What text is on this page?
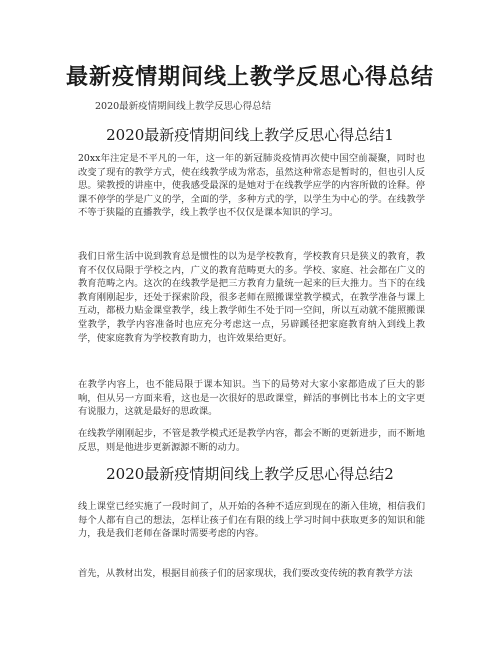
最新疫情期间线上教学反思心得总结

2020最新疫情期间线上教学反思心得总结

2020最新疫情期间线上教学反思心得总结1

20xx年注定是不平凡的一年，这一年的新冠肺炎疫情再次使中国空前凝聚，同时也改变了现有的教学方式，使在线教学成为常态，虽然这种常态是暂时的，但也引人反思。梁教授的讲座中，使我感受最深的是她对于在线教学应学的内容所做的诠释。停课不停学的学是广义的学，全面的学，多种方式的学，以学生为中心的学。在线教学不等于狭隘的直播教学，线上教学也不仅仅是课本知识的学习。

我们日常生活中说到教育总是惯性的以为是学校教育，学校教育只是狭义的教育，教育不仅仅局限于学校之内，广义的教育范畴更大的多。学校、家庭、社会都在广义的教育范畴之内。这次的在线教学是把三方教育力量统一起来的巨大推力。当下的在线教育刚刚起步，还处于探索阶段，很多老师在照搬课堂教学模式，在教学准备与课上互动，都极力贴金课堂教学，线上教学师生不处于同一空间，所以互动就不能照搬课堂教学，教学内容准备时也应充分考虑这一点，另辟蹊径把家庭教育纳入到线上教学，使家庭教育为学校教育助力，也许效果给更好。

在教学内容上，也不能局限于课本知识。当下的局势对大家小家都造成了巨大的影响，但从另一方面来看，这也是一次很好的思政课堂，鲜活的事例比书本上的文字更有说服力，这就是最好的思政课。

在线教学刚刚起步，不管是教学模式还是教学内容，都会不断的更新进步，而不断地反思，则是他进步更新源源不断的动力。

2020最新疫情期间线上教学反思心得总结2

线上课堂已经实施了一段时间了，从开始的各种不适应到现在的渐入佳境，相信我们每个人都有自己的想法，怎样让孩子们在有限的线上学习时间中获取更多的知识和能力，我是我们老师在备课时需要考虑的内容。

首先，从教材出发，根据目前孩子们的居家现状，我们要改变传统的教育教学方法
